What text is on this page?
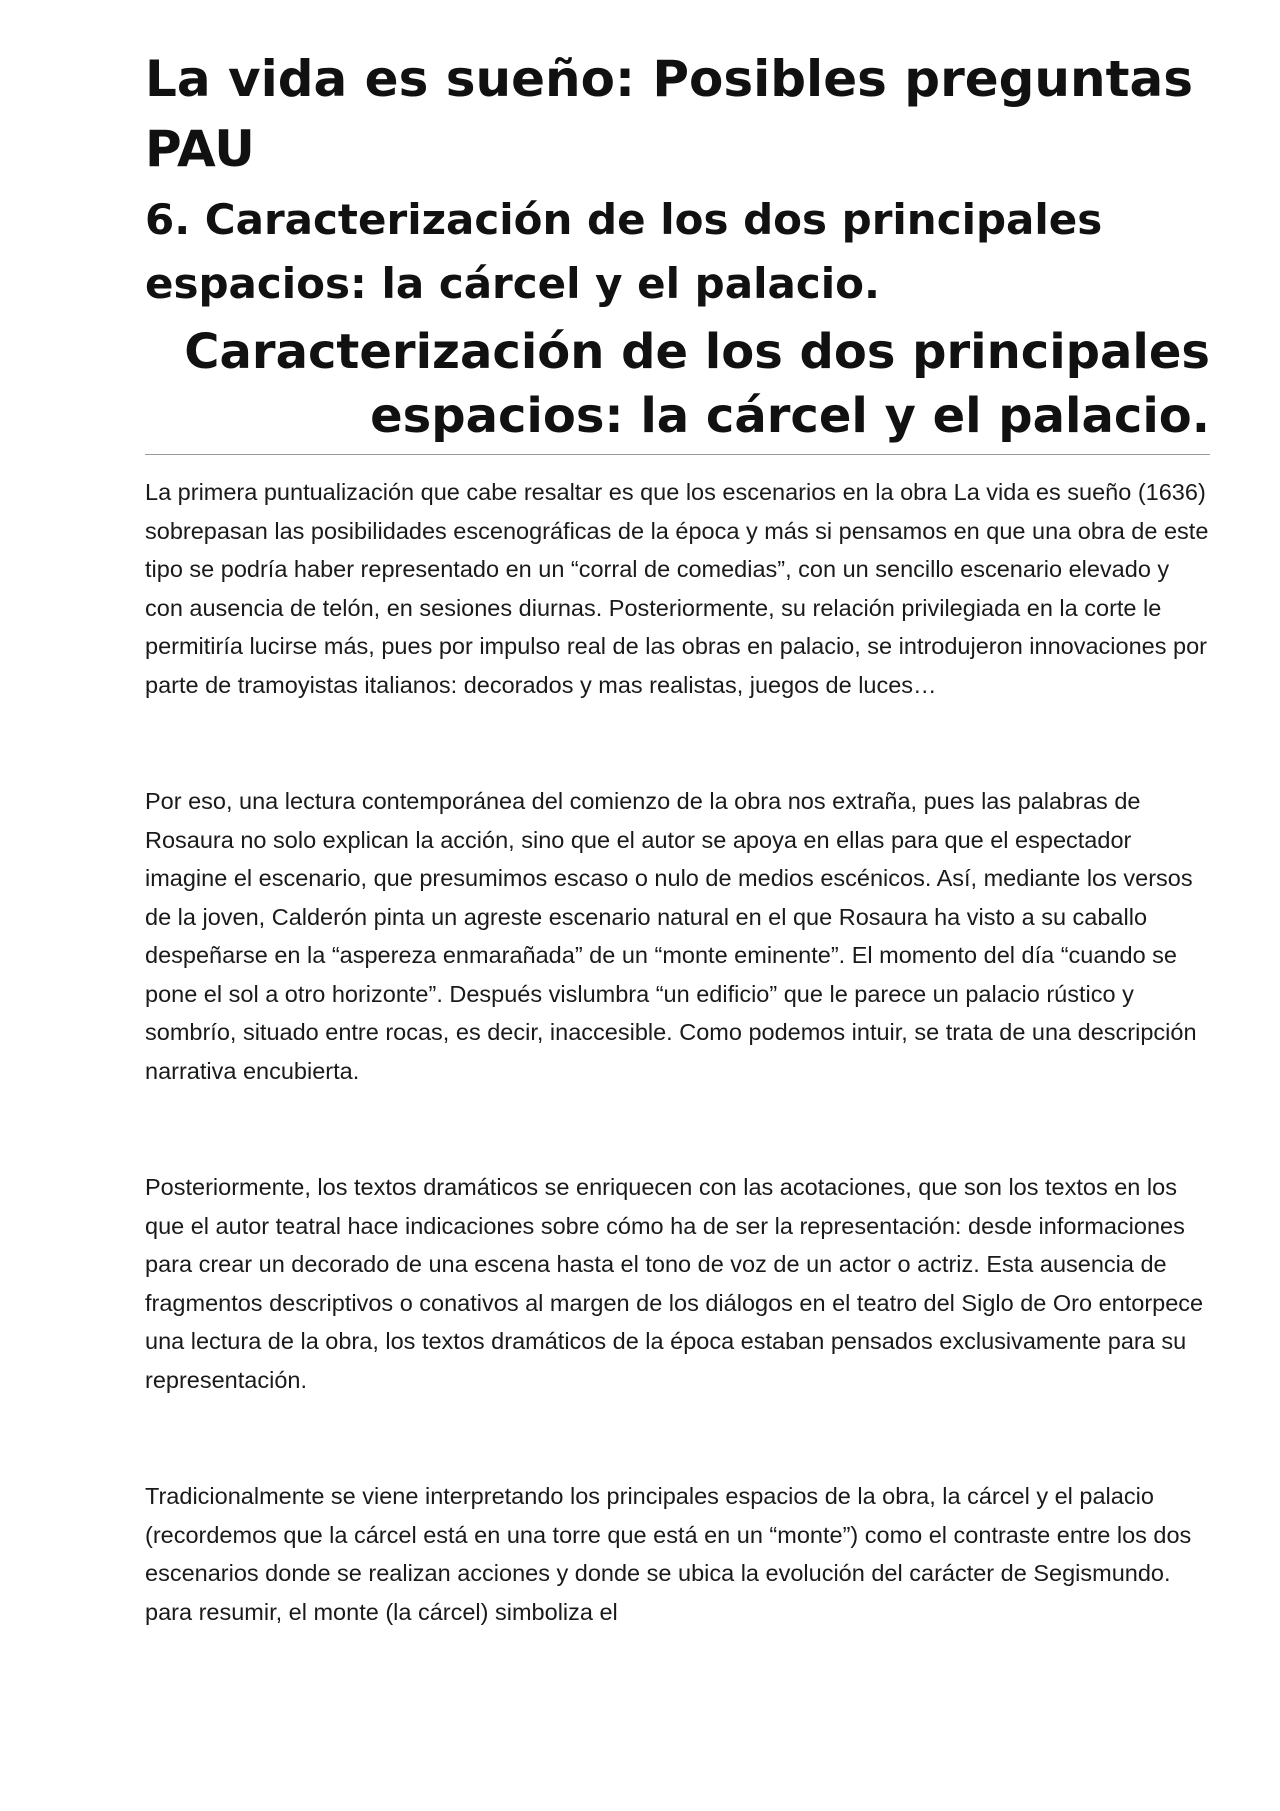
La vida es sueño: Posibles preguntas PAU
6. Caracterización de los dos principales espacios: la cárcel y el palacio.
Caracterización de los dos principales espacios: la cárcel y el palacio.

La primera puntualización que cabe resaltar es que los escenarios en la obra La vida es sueño (1636) sobrepasan las posibilidades escenográficas de la época y más si pensamos en que una obra de este tipo se podría haber representado en un “corral de comedias”, con un sencillo escenario elevado y con ausencia de telón, en sesiones diurnas. Posteriormente, su relación privilegiada en la corte le permitiría lucirse más, pues por impulso real de las obras en palacio, se introdujeron innovaciones por parte de tramoyistas italianos: decorados y mas realistas, juegos de luces…

Por eso, una lectura contemporánea del comienzo de la obra nos extraña, pues las palabras de Rosaura no solo explican la acción, sino que el autor se apoya en ellas para que el espectador imagine el escenario, que presumimos escaso o nulo de medios escénicos. Así, mediante los versos de la joven, Calderón pinta un agreste escenario natural en el que Rosaura ha visto a su caballo despeñarse en la “aspereza enmarañada” de un “monte eminente”. El momento del día “cuando se pone el sol a otro horizonte”. Después vislumbra “un edificio” que le parece un palacio rústico y sombrío, situado entre rocas, es decir, inaccesible. Como podemos intuir, se trata de una descripción narrativa encubierta.

Posteriormente, los textos dramáticos se enriquecen con las acotaciones, que son los textos en los que el autor teatral hace indicaciones sobre cómo ha de ser la representación: desde informaciones para crear un decorado de una escena hasta el tono de voz de un actor o actriz. Esta ausencia de fragmentos descriptivos o conativos al margen de los diálogos en el teatro del Siglo de Oro entorpece una lectura de la obra, los textos dramáticos de la época estaban pensados exclusivamente para su representación.

Tradicionalmente se viene interpretando los principales espacios de la obra, la cárcel y el palacio (recordemos que la cárcel está en una torre que está en un “monte”) como el contraste entre los dos escenarios donde se realizan acciones y donde se ubica la evolución del carácter de Segismundo. para resumir, el monte (la cárcel) simboliza el
